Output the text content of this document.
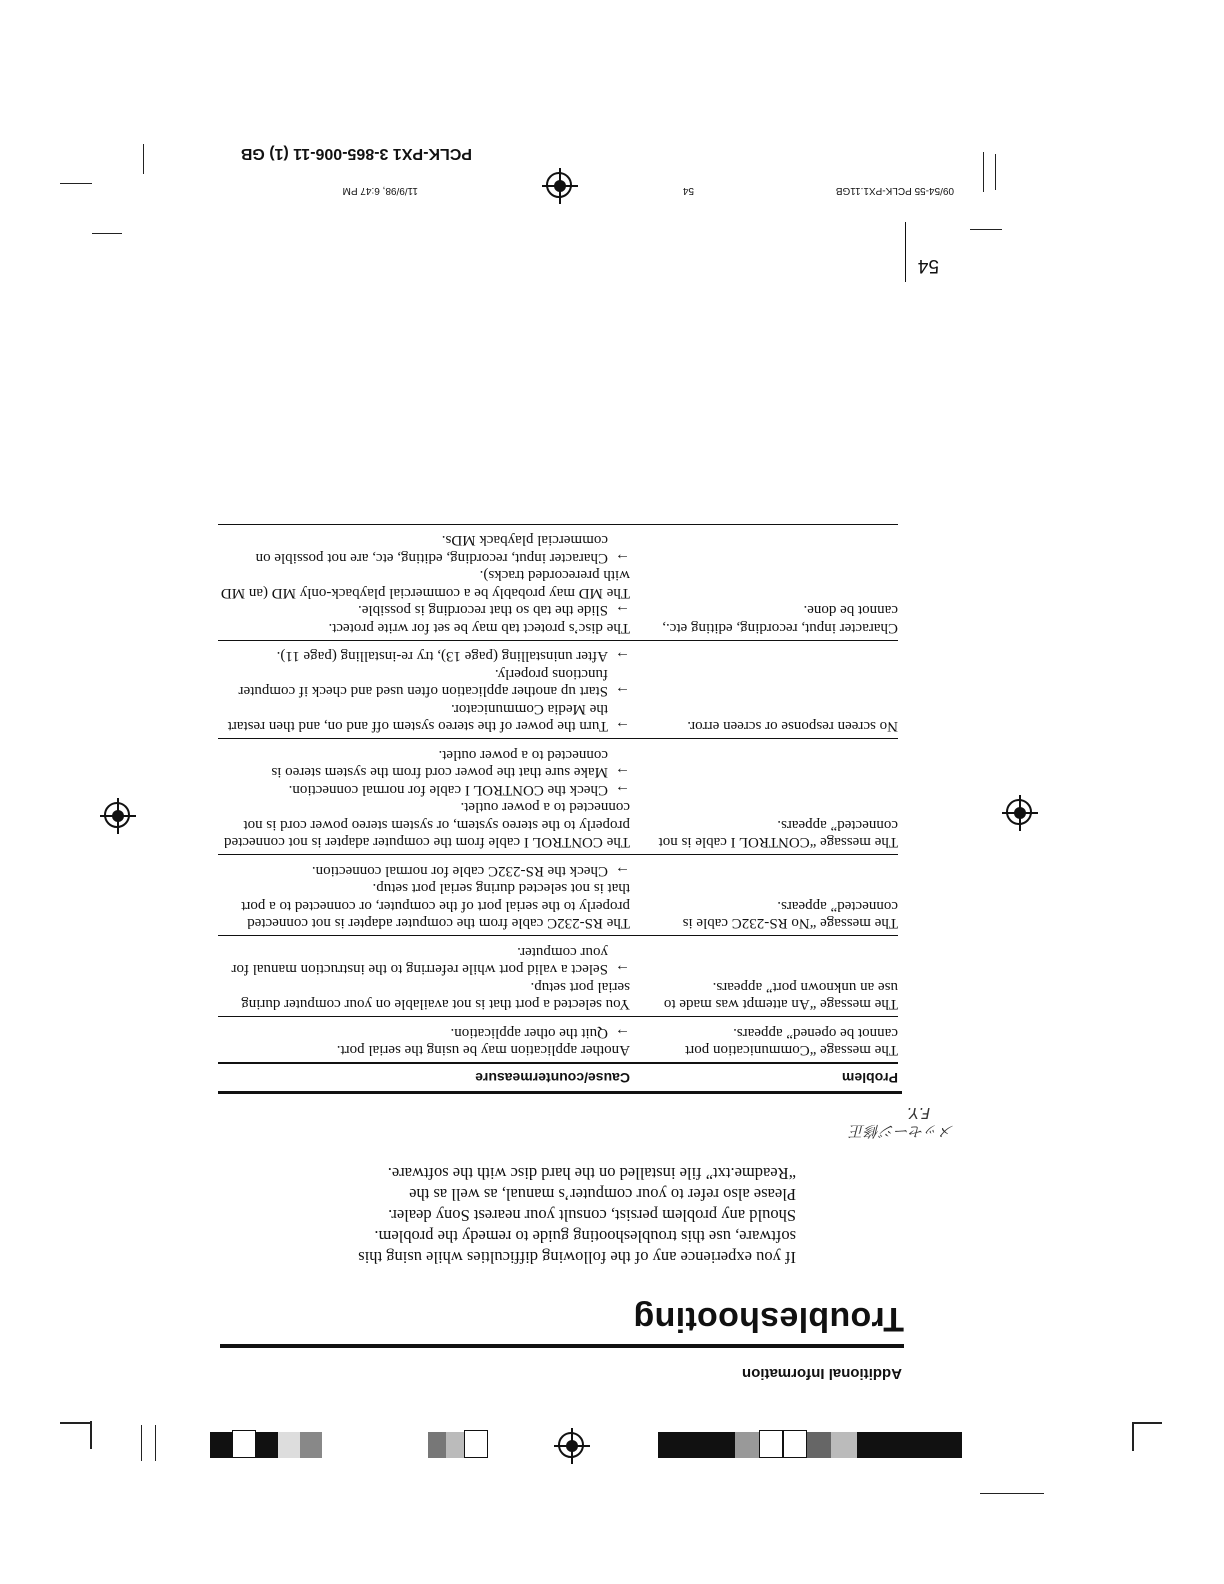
Additional Information
Troubleshooting

If you experience any of the following difficulties while using this

software, use this troubleshooting guide to remedy the problem.

Should any problem persist, consult your nearest Sony dealer.

Please also refer to your computer’s manual, as well as the

“Readme.txt” file installed on the hard disc with the software.

メッセージ修正
F.Y.
Problem	Cause/countermeasure
The message “Communication port cannot be opened” appears.	Another application may be using the serial port.
→Quit the other application.

The message “An attempt was made to use an unknown port” appears.	You selected a port that is not available on your computer during serial port setup.
→Select a valid port while referring to the instruction manual for your computer.

The message “No RS-232C cable is connected” appears.	The RS-232C cable from the computer adapter is not connected properly to the serial port of the computer, or connected to a port that is not selected during serial port setup.
→Check the RS-232C cable for normal connection.

The message “CONTROL I cable is not connected” appears.	The CONTROL I cable from the computer adapter is not connected properly to the stereo system, or system stereo power cord is not connected to a power outlet.
→Check the CONTROL I cable for normal connection.
→Make sure that the power cord from the system stereo is connected to a power outlet.

No screen response or screen error.	→Turn the power of the stereo system off and on, and then restart the Media Communicator.
→Start up another application often used and check if computer functions properly.
→After uninstalling (page 13), try re-installing (page 11).

Character input, recording, editing etc., cannot be done.	The disc’s protect tab may be set for write protect.
→Slide the tab so that recording is possible.
The MD may probably be a commercial playback-only MD (an MD with prerecorded tracks).
→Character input, recording, editing, etc, are not possible on commercial playback MDs.
54
09/54-55 PCLK-PX1.11GB
54
11/9/98, 6:47 PM
PCLK-PX1 3-865-006-11 (1) GB
